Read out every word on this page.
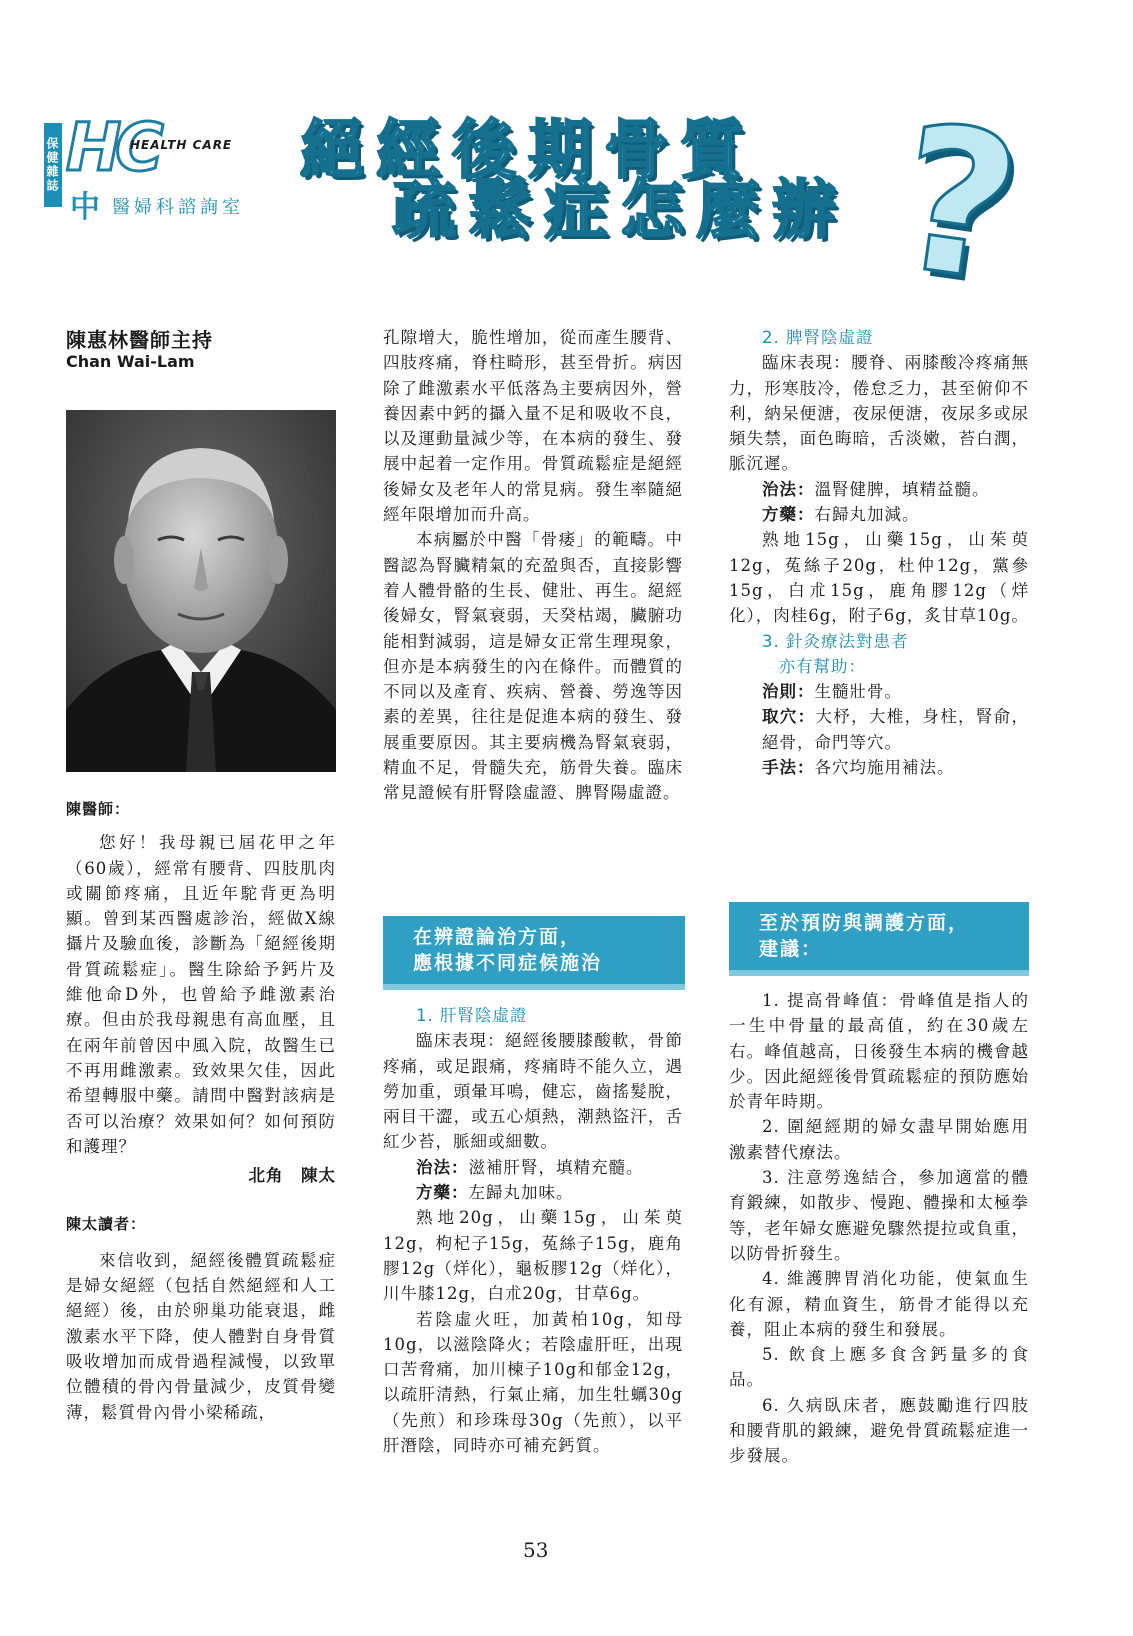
保健雜誌 HC
HEALTH CARE
中醫婦科諮詢室
絕經後期骨質
疏鬆症怎麼辦 ?
陳惠林醫師主持
Chan Wai-Lam

陳醫師：

您好！我母親已屆花甲之年（60歲），經常有腰背、四肢肌肉或關節疼痛，且近年駝背更為明顯。曾到某西醫處診治，經做X線攝片及驗血後，診斷為「絕經後期骨質疏鬆症」。醫生除給予鈣片及維他命D外，也曾給予雌激素治療。但由於我母親患有高血壓，且在兩年前曾因中風入院，故醫生已不再用雌激素。致效果欠佳，因此希望轉服中藥。請問中醫對該病是否可以治療？效果如何？如何預防和護理？

北角　陳太

陳太讀者：

來信收到，絕經後體質疏鬆症是婦女絕經（包括自然絕經和人工絕經）後，由於卵巢功能衰退，雌激素水平下降，使人體對自身骨質吸收增加而成骨過程減慢，以致單位體積的骨內骨量減少，皮質骨變薄，鬆質骨內骨小梁稀疏，

孔隙增大，脆性增加，從而產生腰背、四肢疼痛，脊柱畸形，甚至骨折。病因除了雌激素水平低落為主要病因外，營養因素中鈣的攝入量不足和吸收不良，以及運動量減少等，在本病的發生、發展中起着一定作用。骨質疏鬆症是絕經後婦女及老年人的常見病。發生率隨絕經年限增加而升高。

本病屬於中醫「骨痿」的範疇。中醫認為腎臟精氣的充盈與否，直接影響着人體骨骼的生長、健壯、再生。絕經後婦女，腎氣衰弱，天癸枯竭，臟腑功能相對減弱，這是婦女正常生理現象，但亦是本病發生的內在條件。而體質的不同以及產育、疾病、營養、勞逸等因素的差異，往往是促進本病的發生、發展重要原因。其主要病機為腎氣衰弱，精血不足，骨髓失充，筋骨失養。臨床常見證候有肝腎陰虛證、脾腎陽虛證。

在辨證論治方面，
應根據不同症候施治

1. 肝腎陰虛證

臨床表現：絕經後腰膝酸軟，骨節疼痛，或足跟痛，疼痛時不能久立，遇勞加重，頭暈耳鳴，健忘，齒搖髮脫，兩目干澀，或五心煩熱，潮熱盜汗，舌紅少苔，脈細或細數。

治法：滋補肝腎，填精充髓。

方藥：左歸丸加味。

熟地20g，山藥15g，山茱萸12g，枸杞子15g，菟絲子15g，鹿角膠12g（烊化），龜板膠12g（烊化），川牛膝12g，白朮20g，甘草6g。

若陰虛火旺，加黃柏10g，知母10g，以滋陰降火；若陰虛肝旺，出現口苦脅痛，加川楝子10g和郁金12g，以疏肝清熱，行氣止痛，加生牡蠣30g（先煎）和珍珠母30g（先煎），以平肝潛陰，同時亦可補充鈣質。

2. 脾腎陰虛證

臨床表現：腰脊、兩膝酸冷疼痛無力，形寒肢冷，倦怠乏力，甚至俯仰不利，納呆便溏，夜尿便溏，夜尿多或尿頻失禁，面色晦暗，舌淡嫩，苔白潤，脈沉遲。

治法：溫腎健脾，填精益髓。

方藥：右歸丸加減。

熟地15g，山藥15g，山茱萸12g，菟絲子20g，杜仲12g，黨參15g，白朮15g，鹿角膠12g（烊化），肉桂6g，附子6g，炙甘草10g。

3. 針灸療法對患者

亦有幫助：

治則：生髓壯骨。

取穴：大杼，大椎，身柱，腎俞，絕骨，命門等穴。

手法：各穴均施用補法。

至於預防與調護方面，
建議：

1. 提高骨峰值：骨峰值是指人的一生中骨量的最高值，約在30歲左右。峰值越高，日後發生本病的機會越少。因此絕經後骨質疏鬆症的預防應始於青年時期。

2. 圍絕經期的婦女盡早開始應用激素替代療法。

3. 注意勞逸結合，參加適當的體育鍛練，如散步、慢跑、體操和太極拳等，老年婦女應避免驟然提拉或負重，以防骨折發生。

4. 維護脾胃消化功能，使氣血生化有源，精血資生，筋骨才能得以充養，阻止本病的發生和發展。

5. 飲食上應多食含鈣量多的食品。

6. 久病臥床者，應鼓勵進行四肢和腰背肌的鍛練，避免骨質疏鬆症進一步發展。

53
